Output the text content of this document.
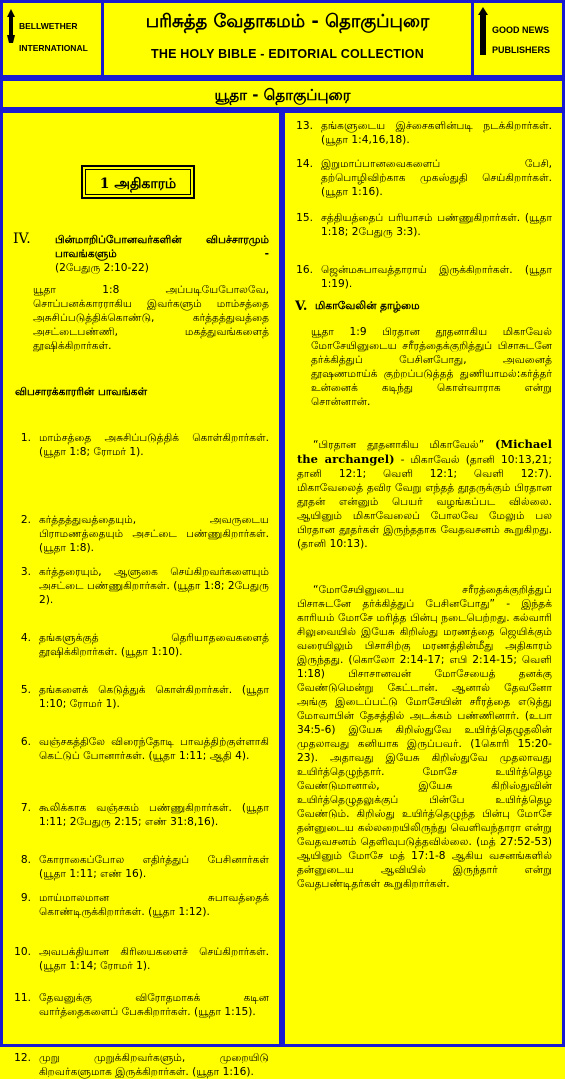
BELLWETHER
INTERNATIONAL
பரிசுத்த வேதாகமம் - தொகுப்புரை
THE HOLY BIBLE - EDITORIAL COLLECTION
GOOD NEWS
PUBLISHERS
யூதா - தொகுப்புரை
1 அதிகாரம்
IV. பின்மாறிப்போனவர்களின் விபச்சாரமும் பாவங்களும் -
(2பேதுரு 2:10-22)
யூதா 1:8 அப்படியேபோலவே, சொப்பனக்காரராகிய இவர்களும் மாம்சத்தை அசுசிப்படுத்திக்கொண்டு, கர்த்தத்துவத்தை அசட்டைபண்ணி, மகத்துவங்களைத் தூஷிக்கிறார்கள்.
விபசாரக்காரரின் பாவங்கள்
1. மாம்சத்தை அசுசிப்படுத்திக் கொள்கிறார்கள். (யூதா 1:8; ரோமர் 1).
2. கர்த்தத்துவத்தையும், அவருடைய பிராமணத்தையும் அசட்டை பண்ணுகிறார்கள். (யூதா 1:8).
3. கர்த்தரையும், ஆளுகை செய்கிறவர்களையும் அசட்டை பண்ணுகிறார்கள். (யூதா 1:8; 2பேதுரு 2).
4. தங்களுக்குத் தெரியாதவைகளைத் தூஷிக்கிறார்கள். (யூதா 1:10).
5. தங்களைக் கெடுத்துக் கொள்கிறார்கள். (யூதா 1:10; ரோமர் 1).
6. வஞ்சகத்திலே விரைந்தோடி பாவத்திற்குள்ளாகி கெட்டுப் போனார்கள். (யூதா 1:11; ஆதி 4).
7. கூலிக்காக வஞ்சகம் பண்ணுகிறார்கள். (யூதா 1:11; 2பேதுரு 2:15; எண் 31:8,16).
8. கோராகைப்போல எதிர்த்துப் பேசினார்கள் (யூதா 1:11; எண் 16).
9. மாய்மாலமான சுபாவத்தைக் கொண்டிருக்கிறார்கள். (யூதா 1:12).
10. அவபக்தியான கிரியைகளைச் செய்கிறார்கள். (யூதா 1:14; ரோமர் 1).
11. தேவனுக்கு விரோதமாகக் கடின வார்த்தைகளைப் பேசுகிறார்கள். (யூதா 1:15).
12. முறு முறுக்கிறவர்களும், முறையிடு கிறவர்களுமாக இருக்கிறார்கள். (யூதா 1:16).
13. தங்களுடைய இச்சைகளின்படி நடக்கிறார்கள். (யூதா 1:4,16,18).
14. இறுமாப்பானவைகளைப் பேசி, தற்பொழிவிற்காக முகஸ்துதி செய்கிறார்கள். (யூதா 1:16).
15. சத்தியத்தைப் பரியாசம் பண்ணுகிறார்கள். (யூதா 1:18; 2பேதுரு 3:3).
16. ஜென்மசுபாவத்தாராய் இருக்கிறார்கள். (யூதா 1:19).
V. மிகாவேலின் தாழ்மை
யூதா 1:9 பிரதான தூதனாகிய மிகாவேல் மோசேயினுடைய சரீரத்தைக்குறித்துப் பிசாசுடனே தர்க்கித்துப் பேசினபோது, அவனைத் தூஷணமாய்க் குற்றப்படுத்தத் துணியாமல்:கர்த்தர் உன்னைக் கடிந்து கொள்வாராக என்று சொன்னான்.
“பிரதான தூதனாகிய மிகாவேல்” (Michael the archangel) - மிகாவேல் (தானி 10:13,21; தானி 12:1; வெளி 12:1; வெளி 12:7). மிகாவேலைத் தவிர வேறு எந்தத் தூதருக்கும் பிரதான தூதன் என்னும் பெயர் வழங்கப்பட வில்லை. ஆயினும் மிகாவேலைப் போலவே மேலும் பல பிரதான தூதர்கள் இருந்ததாக வேதவசனம் கூறுகிறது. (தானி 10:13).
“மோசேயினுடைய சரீரத்தைக்குறித்துப் பிசாசுடனே தர்க்கித்துப் பேசினபோது” - இந்தக் காரியம் மோசே மரித்த பின்பு நடைபெற்றது. கல்வாரி சிலுவையில் இயேசு கிறிஸ்து மரணத்தை ஜெயிக்கும் வரையிலும் பிசாசிற்கு மரணத்தின்மீது அதிகாரம் இருந்தது. (கொலோ 2:14-17; எபி 2:14-15; வெளி 1:18) பிசாசானவன் மோசேயைத் தனக்கு வேண்டுமென்று கேட்டான். ஆனால் தேவனோ அங்கு இடைப்பட்டு மோசேயின் சரீரத்தை எடுத்து மோவாபின் தேசத்தில் அடக்கம் பண்ணினார். (உபா 34:5-6) இயேசு கிறிஸ்துவே உயிர்த்தெழுதலின் முதலாவது கனியாக இருப்பவர். (1கொரி 15:20-23). அதாவது இயேசு கிறிஸ்துவே முதலாவது உயிர்த்தெழுந்தார். மோசே உயிர்த்தெழ வேண்டுமானால், இயேசு கிறிஸ்துவின் உயிர்த்தெழுதலுக்குப் பின்பே உயிர்த்தெழ வேண்டும். கிறிஸ்து உயிர்த்தெழுந்த பின்பு மோசே தன்னுடைய கல்லறையிலிருந்து வெளிவந்தாரா என்று வேதவசனம் தெளிவுபடுத்தவில்லை. (மத் 27:52-53) ஆயினும் மோசே மத் 17:1-8 ஆகிய வசனங்களில் தன்னுடைய ஆவியில் இருந்தார் என்று வேதபண்டிதர்கள் கூறுகிறார்கள்.
